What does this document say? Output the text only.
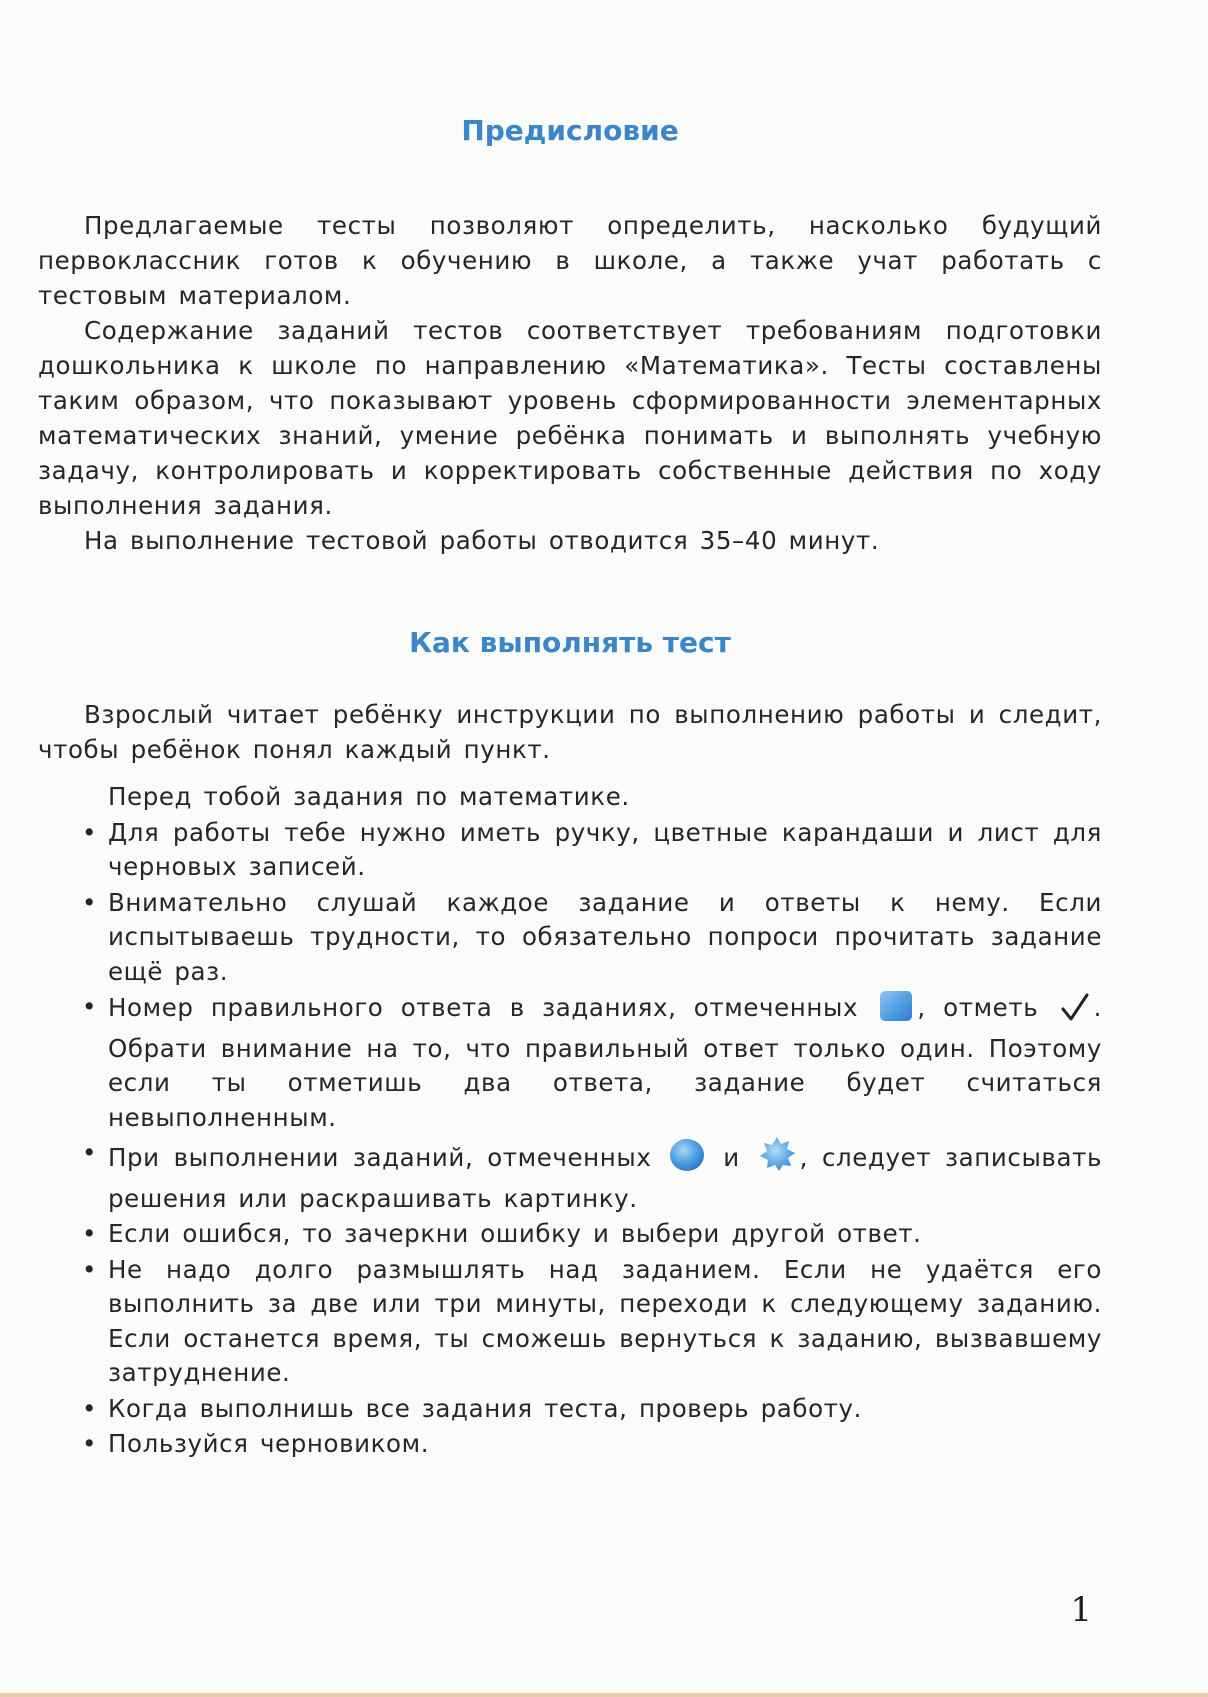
Предисловие

Предлагаемые тесты позволяют определить, насколько будущий первоклассник готов к обучению в школе, а также учат работать с тестовым материалом.

Содержание заданий тестов соответствует требованиям подготовки дошкольника к школе по направлению «Математика». Тесты составлены таким образом, что показывают уровень сформированности элементарных математических знаний, умение ребёнка понимать и выполнять учебную задачу, контролировать и корректировать собственные действия по ходу выполнения задания.

На выполнение тестовой работы отводится 35–40 минут.

Как выполнять тест

Взрослый читает ребёнку инструкции по выполнению работы и следит, чтобы ребёнок понял каждый пункт.

Перед тобой задания по математике.

• Для работы тебе нужно иметь ручку, цветные карандаши и лист для черновых записей.
• Внимательно слушай каждое задание и ответы к нему. Если испытываешь трудности, то обязательно попроси прочитать задание ещё раз.
• Номер правильного ответа в заданиях, отмеченных , отметь . Обрати внимание на то, что правильный ответ только один. Поэтому если ты отметишь два ответа, задание будет считаться невыполненным.
• При выполнении заданий, отмеченных	и , следует записывать решения или раскрашивать картинку.
• Если ошибся, то зачеркни ошибку и выбери другой ответ.
• Не надо долго размышлять над заданием. Если не удаётся его выполнить за две или три минуты, переходи к следующему заданию. Если останется время, ты сможешь вернуться к заданию, вызвавшему затруднение.
• Когда выполнишь все задания теста, проверь работу.
• Пользуйся черновиком.
1
